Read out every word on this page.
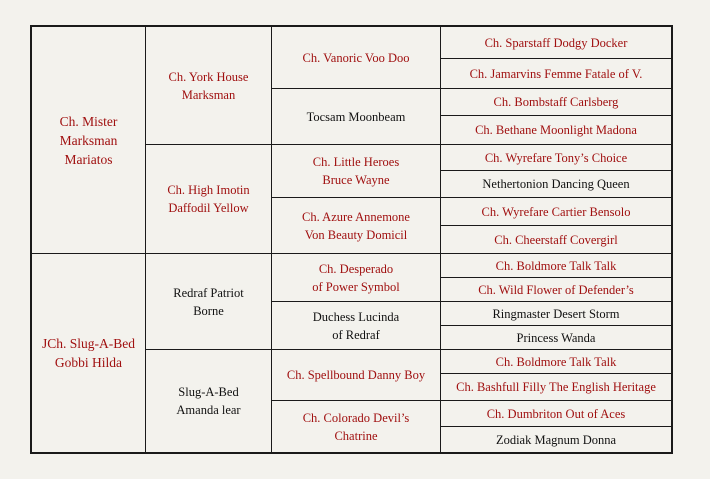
Ch. Mister
Marksman
Mariatos
JCh. Slug-A-Bed
Gobbi Hilda
Ch. York House
Marksman
Ch. High Imotin
Daffodil Yellow
Redraf Patriot
Borne
Slug-A-Bed
Amanda lear
Ch. Vanoric Voo Doo
Tocsam Moonbeam
Ch. Little Heroes
Bruce Wayne
Ch. Azure Annemone
Von Beauty Domicil
Ch. Desperado
of Power Symbol
Duchess Lucinda
of Redraf
Ch. Spellbound Danny Boy
Ch. Colorado Devil’s
Chatrine
Ch. Sparstaff Dodgy Docker
Ch. Jamarvins Femme Fatale of V.
Ch. Bombstaff Carlsberg
Ch. Bethane Moonlight Madona
Ch. Wyrefare Tony’s Choice
Nethertonion Dancing Queen
Ch. Wyrefare Cartier Bensolo
Ch. Cheerstaff Covergirl
Ch. Boldmore Talk Talk
Ch. Wild Flower of Defender’s
Ringmaster Desert Storm
Princess Wanda
Ch. Boldmore Talk Talk
Ch. Bashfull Filly The English Heritage
Ch. Dumbriton Out of Aces
Zodiak Magnum Donna
